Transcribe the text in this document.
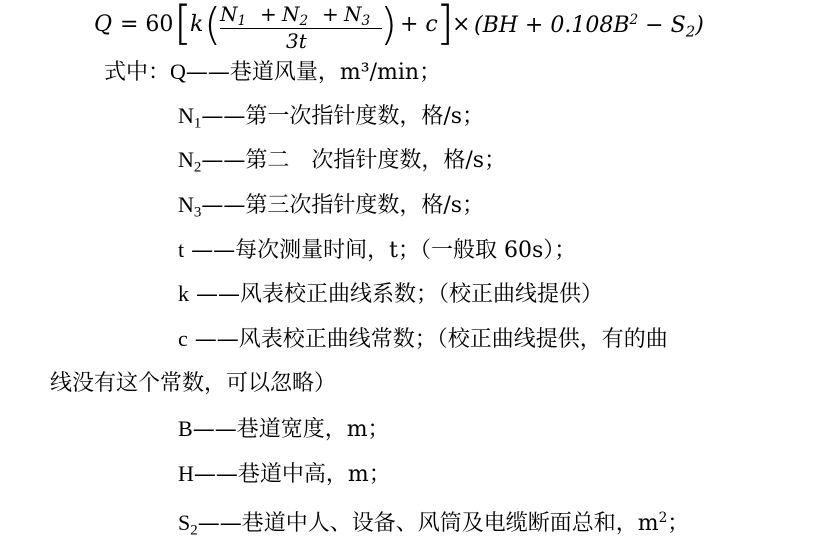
Q = 60 [
k (
$N_1 + N_2 + N_3$
3t ) + c
]
× $(BH + 0.108B^2 - S_2)$
式中：Q——巷道风量，m³/min；
$N_1——$第一次指针度数，格/s；
$N_2——$第二　次指针度数，格/s；
$N_3——$第三次指针度数，格/s；
t ——每次测量时间，t；（一般取 60s）；
k ——风表校正曲线系数；（校正曲线提供）
c ——风表校正曲线常数；（校正曲线提供，有的曲
线没有这个常数，可以忽略）
B——巷道宽度，m；
H——巷道中高，m；
$S_2——$巷道中人、设备、风筒及电缆断面总和，$m^2$；
